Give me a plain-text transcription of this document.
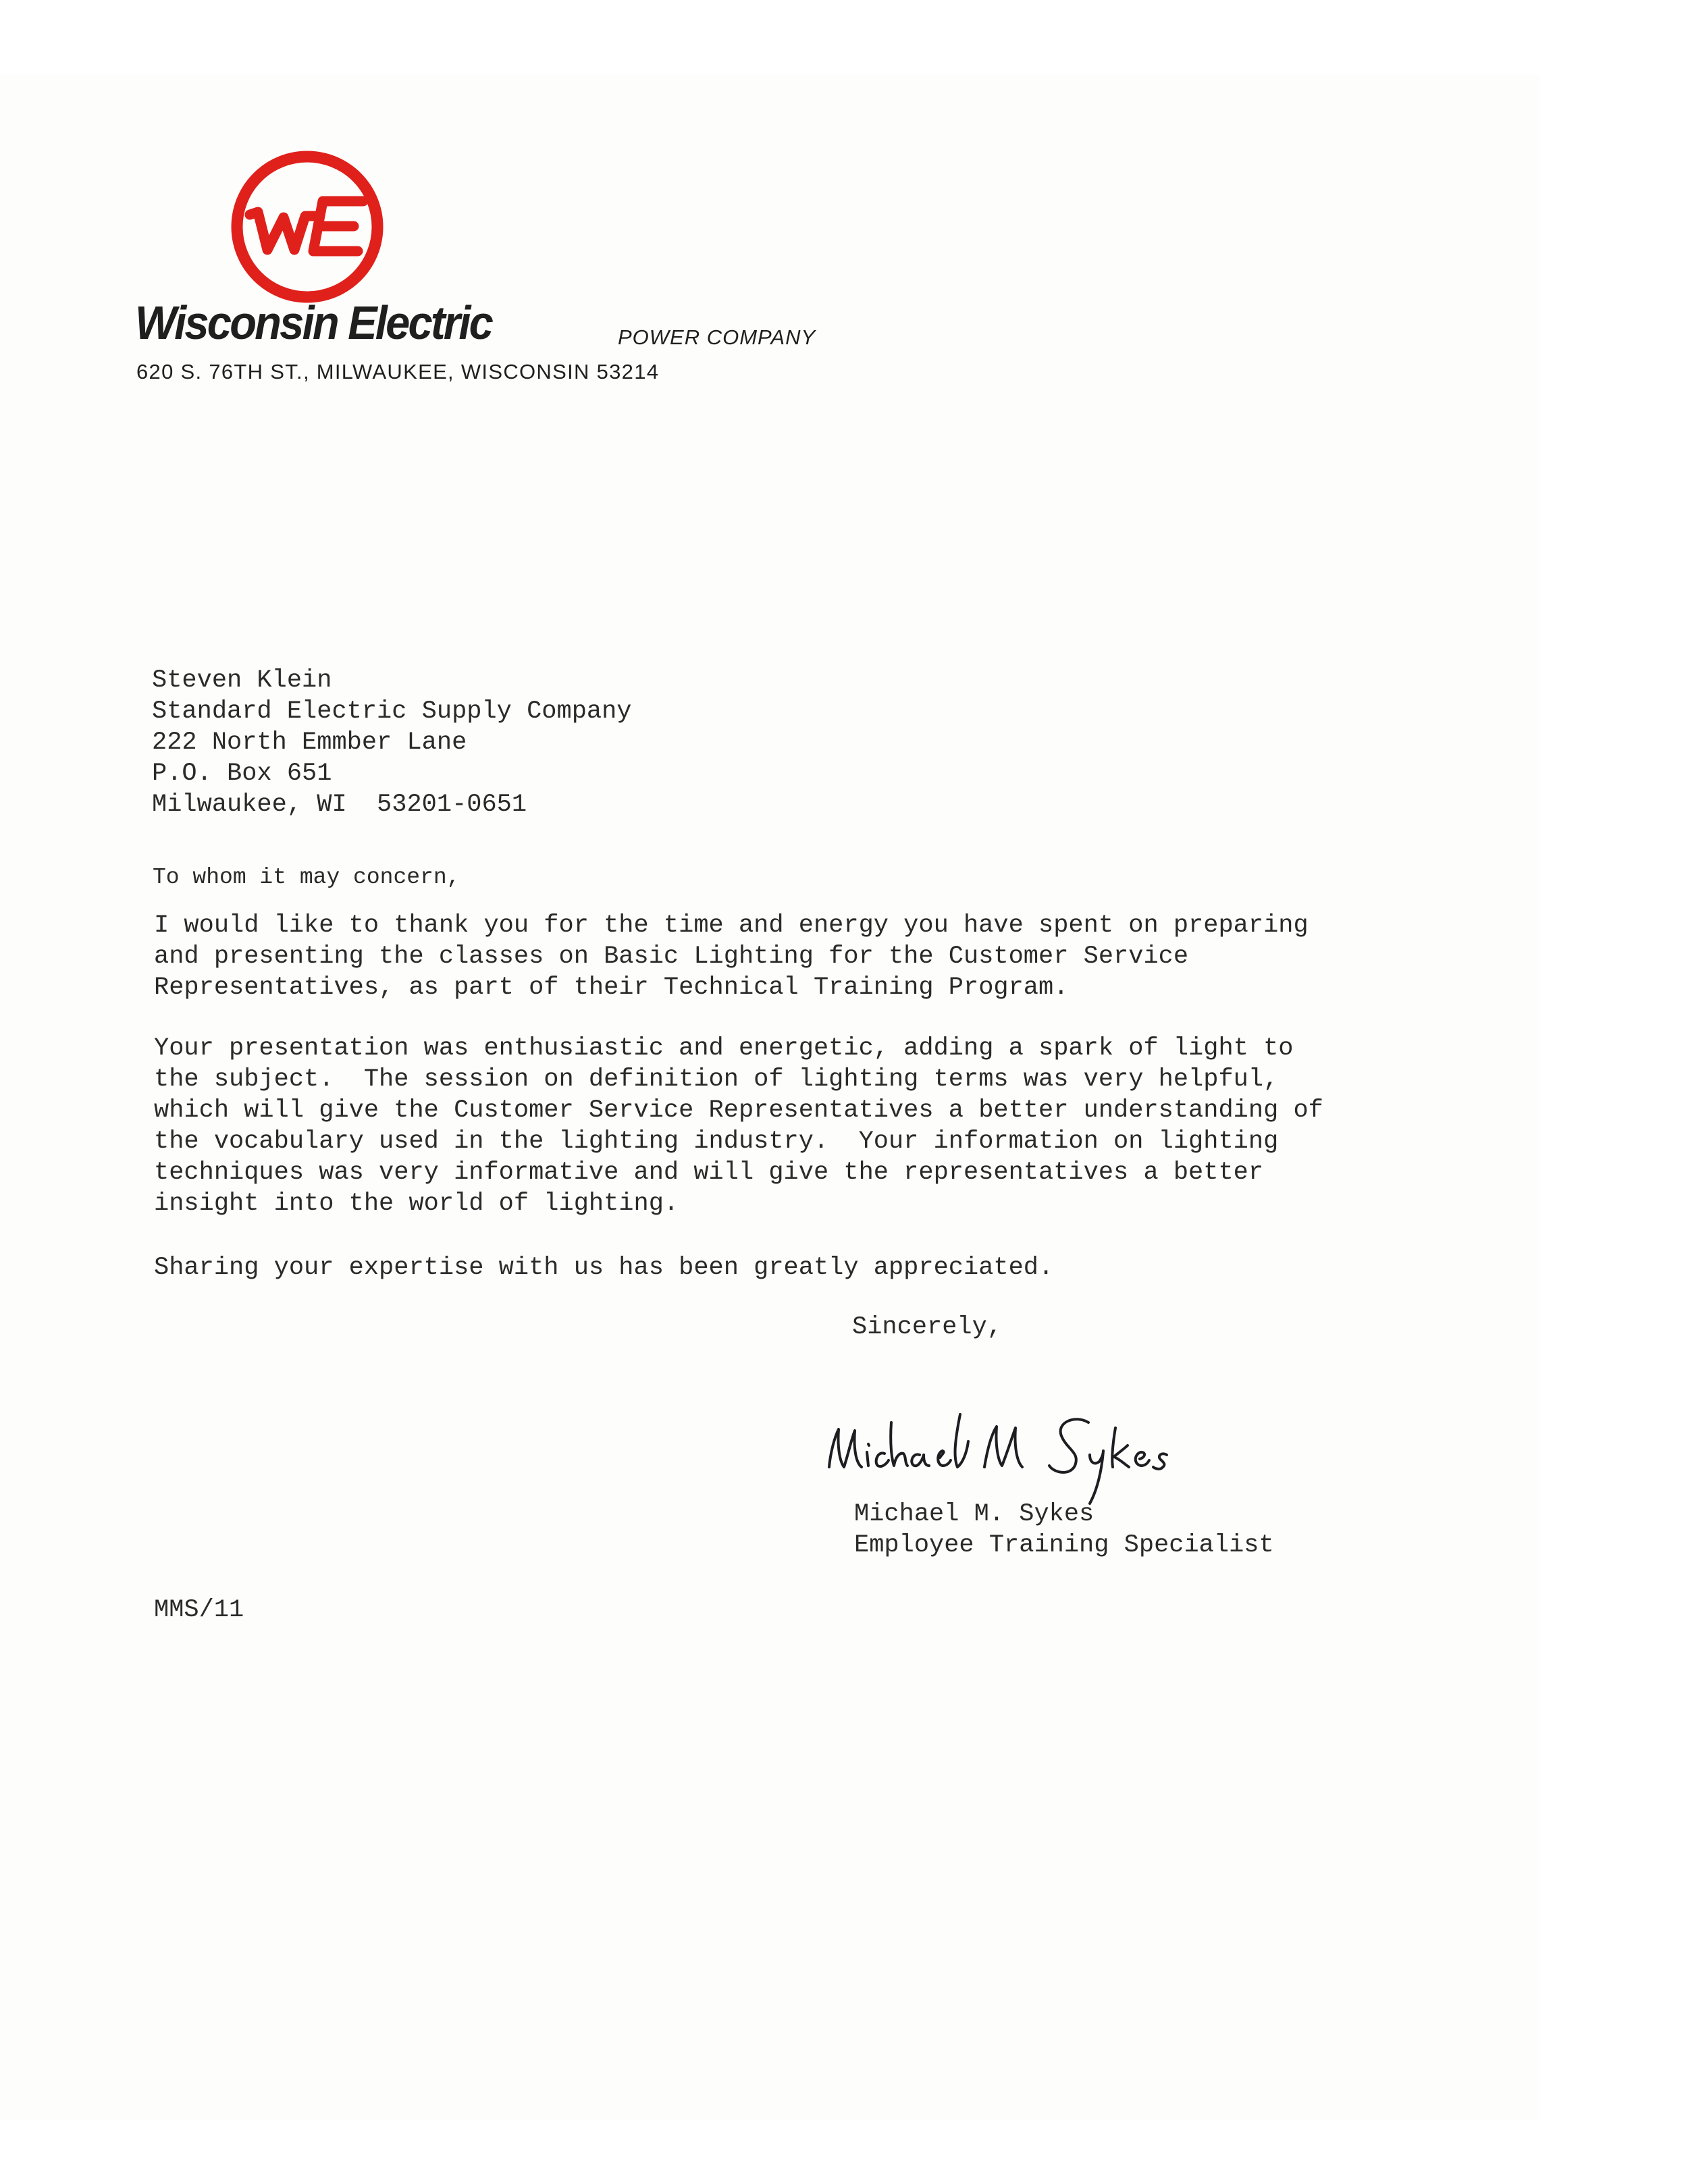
Wisconsin Electric	POWER COMPANY
620 S. 76TH ST., MILWAUKEE, WISCONSIN 53214
Steven Klein
Standard Electric Supply Company
222 North Emmber Lane
P.O. Box 651
Milwaukee, WI  53201-0651
To whom it may concern,
I would like to thank you for the time and energy you have spent on preparing
and presenting the classes on Basic Lighting for the Customer Service
Representatives, as part of their Technical Training Program.
Your presentation was enthusiastic and energetic, adding a spark of light to
the subject.  The session on definition of lighting terms was very helpful,
which will give the Customer Service Representatives a better understanding of
the vocabulary used in the lighting industry.  Your information on lighting
techniques was very informative and will give the representatives a better
insight into the world of lighting.
Sharing your expertise with us has been greatly appreciated.
Sincerely,
Michael M. Sykes
Employee Training Specialist
MMS/11
